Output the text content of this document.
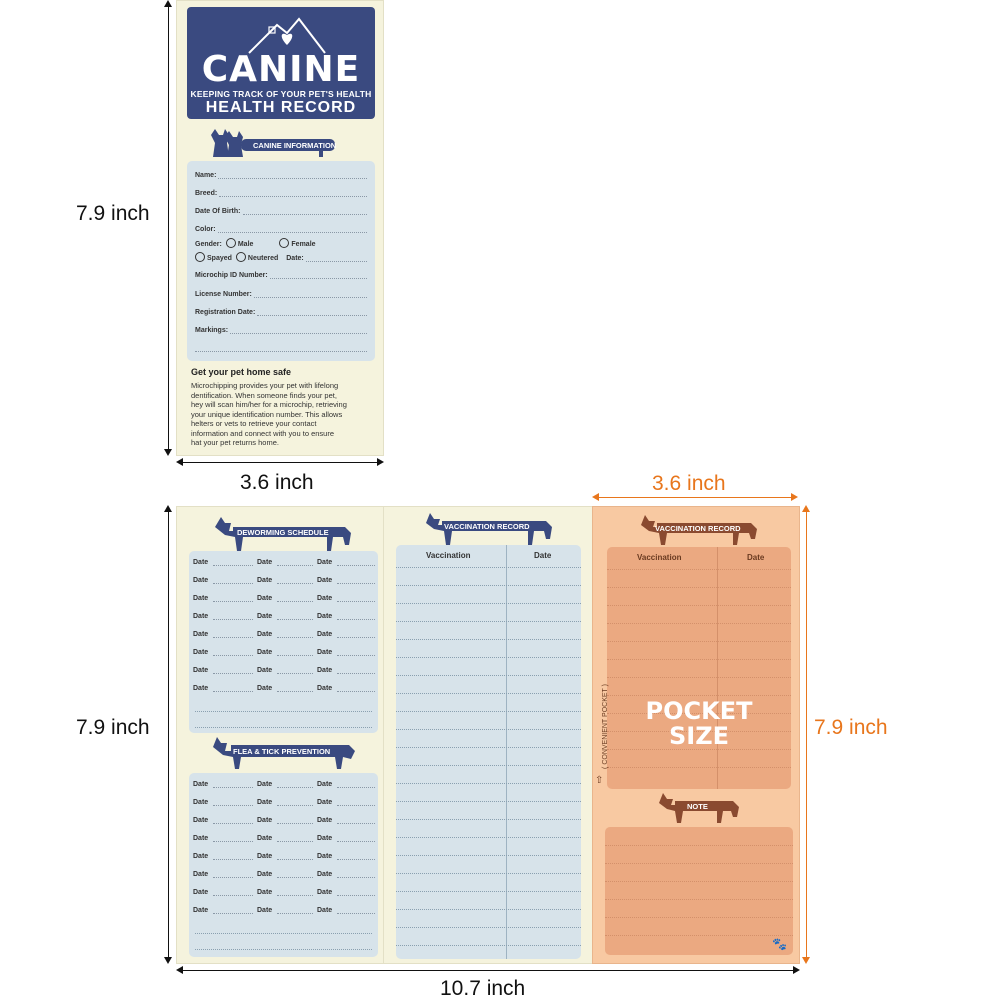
7.9 inch
3.6 inch
CANINE
KEEPING TRACK OF YOUR PET'S HEALTH
HEALTH RECORD
CANINE INFORMATION
Name:
Breed:
Date Of Birth:
Color:
Gender: Male	Female
Spayed Neutered Date:
Microchip ID Number:
License Number:
Registration Date:
Markings:
Get your pet home safe
Microchipping provides your pet with lifelong
dentification. When someone finds your pet,
hey will scan him/her for a microchip, retrieving
your unique identification number. This allows
helters or vets to retrieve your contact
information and connect with you to ensure
hat your pet returns home.
7.9 inch
10.7 inch
3.6 inch
7.9 inch
DEWORMING SCHEDULE
Date	Date	Date
Date	Date	Date
Date	Date	Date
Date	Date	Date
Date	Date	Date
Date	Date	Date
Date	Date	Date
Date	Date	Date
FLEA & TICK PREVENTION
Date	Date	Date
Date	Date	Date
Date	Date	Date
Date	Date	Date
Date	Date	Date
Date	Date	Date
Date	Date	Date
Date	Date	Date
VACCINATION RECORD
Vaccination	Date
VACCINATION RECORD
Vaccination	Date
POCKET
SIZE
( CONVENIENT POCKET )
⇧
NOTE
🐾
